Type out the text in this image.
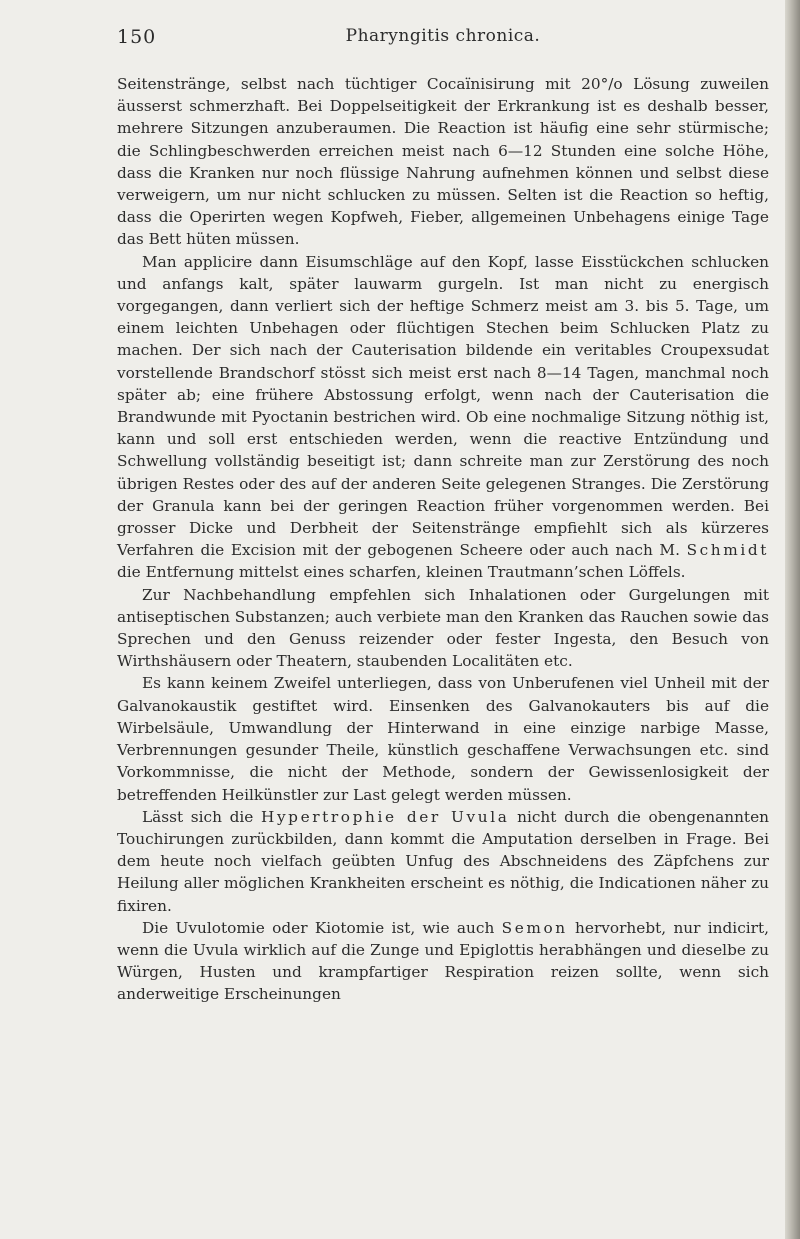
150	Pharyngitis chronica.

Seitenstränge, selbst nach tüchtiger Cocaïnisirung mit 20°/o Lösung zuweilen äusserst schmerzhaft. Bei Doppelseitigkeit der Erkrankung ist es deshalb besser, mehrere Sitzungen anzuberaumen. Die Reaction ist häufig eine sehr stürmische; die Schlingbeschwerden erreichen meist nach 6—12 Stunden eine solche Höhe, dass die Kranken nur noch flüssige Nahrung aufnehmen können und selbst diese verweigern, um nur nicht schlucken zu müssen. Selten ist die Reaction so heftig, dass die Operirten wegen Kopfweh, Fieber, allgemeinen Unbehagens einige Tage das Bett hüten müssen.

Man applicire dann Eisumschläge auf den Kopf, lasse Eisstückchen schlucken und anfangs kalt, später lauwarm gurgeln. Ist man nicht zu energisch vorgegangen, dann verliert sich der heftige Schmerz meist am 3. bis 5. Tage, um einem leichten Unbehagen oder flüchtigen Stechen beim Schlucken Platz zu machen. Der sich nach der Cauterisation bildende ein veritables Croupexsudat vorstellende Brandschorf stösst sich meist erst nach 8—14 Tagen, manchmal noch später ab; eine frühere Abstossung erfolgt, wenn nach der Cauterisation die Brandwunde mit Pyoctanin bestrichen wird. Ob eine nochmalige Sitzung nöthig ist, kann und soll erst entschieden werden, wenn die reactive Entzündung und Schwellung vollständig beseitigt ist; dann schreite man zur Zerstörung des noch übrigen Restes oder des auf der anderen Seite gelegenen Stranges. Die Zerstörung der Granula kann bei der geringen Reaction früher vorgenommen werden. Bei grosser Dicke und Derbheit der Seitenstränge empfiehlt sich als kürzeres Verfahren die Excision mit der gebogenen Scheere oder auch nach M. Schmidt die Entfernung mittelst eines scharfen, kleinen Trautmann’schen Löffels.

Zur Nachbehandlung empfehlen sich Inhalationen oder Gurgelungen mit antiseptischen Substanzen; auch verbiete man den Kranken das Rauchen sowie das Sprechen und den Genuss reizender oder fester Ingesta, den Besuch von Wirthshäusern oder Theatern, staubenden Localitäten etc.

Es kann keinem Zweifel unterliegen, dass von Unberufenen viel Unheil mit der Galvanokaustik gestiftet wird. Einsenken des Galvanokauters bis auf die Wirbelsäule, Umwandlung der Hinterwand in eine einzige narbige Masse, Verbrennungen gesunder Theile, künstlich geschaffene Verwachsungen etc. sind Vorkommnisse, die nicht der Methode, sondern der Gewissenlosigkeit der betreffenden Heilkünstler zur Last gelegt werden müssen.

Lässt sich die Hypertrophie der Uvula nicht durch die obengenannten Touchirungen zurückbilden, dann kommt die Amputation derselben in Frage. Bei dem heute noch vielfach geübten Unfug des Abschneidens des Zäpfchens zur Heilung aller möglichen Krankheiten erscheint es nöthig, die Indicationen näher zu fixiren.

Die Uvulotomie oder Kiotomie ist, wie auch Semon hervorhebt, nur indicirt, wenn die Uvula wirklich auf die Zunge und Epiglottis herabhängen und dieselbe zu Würgen, Husten und krampfartiger Respiration reizen sollte, wenn sich anderweitige Erscheinungen
